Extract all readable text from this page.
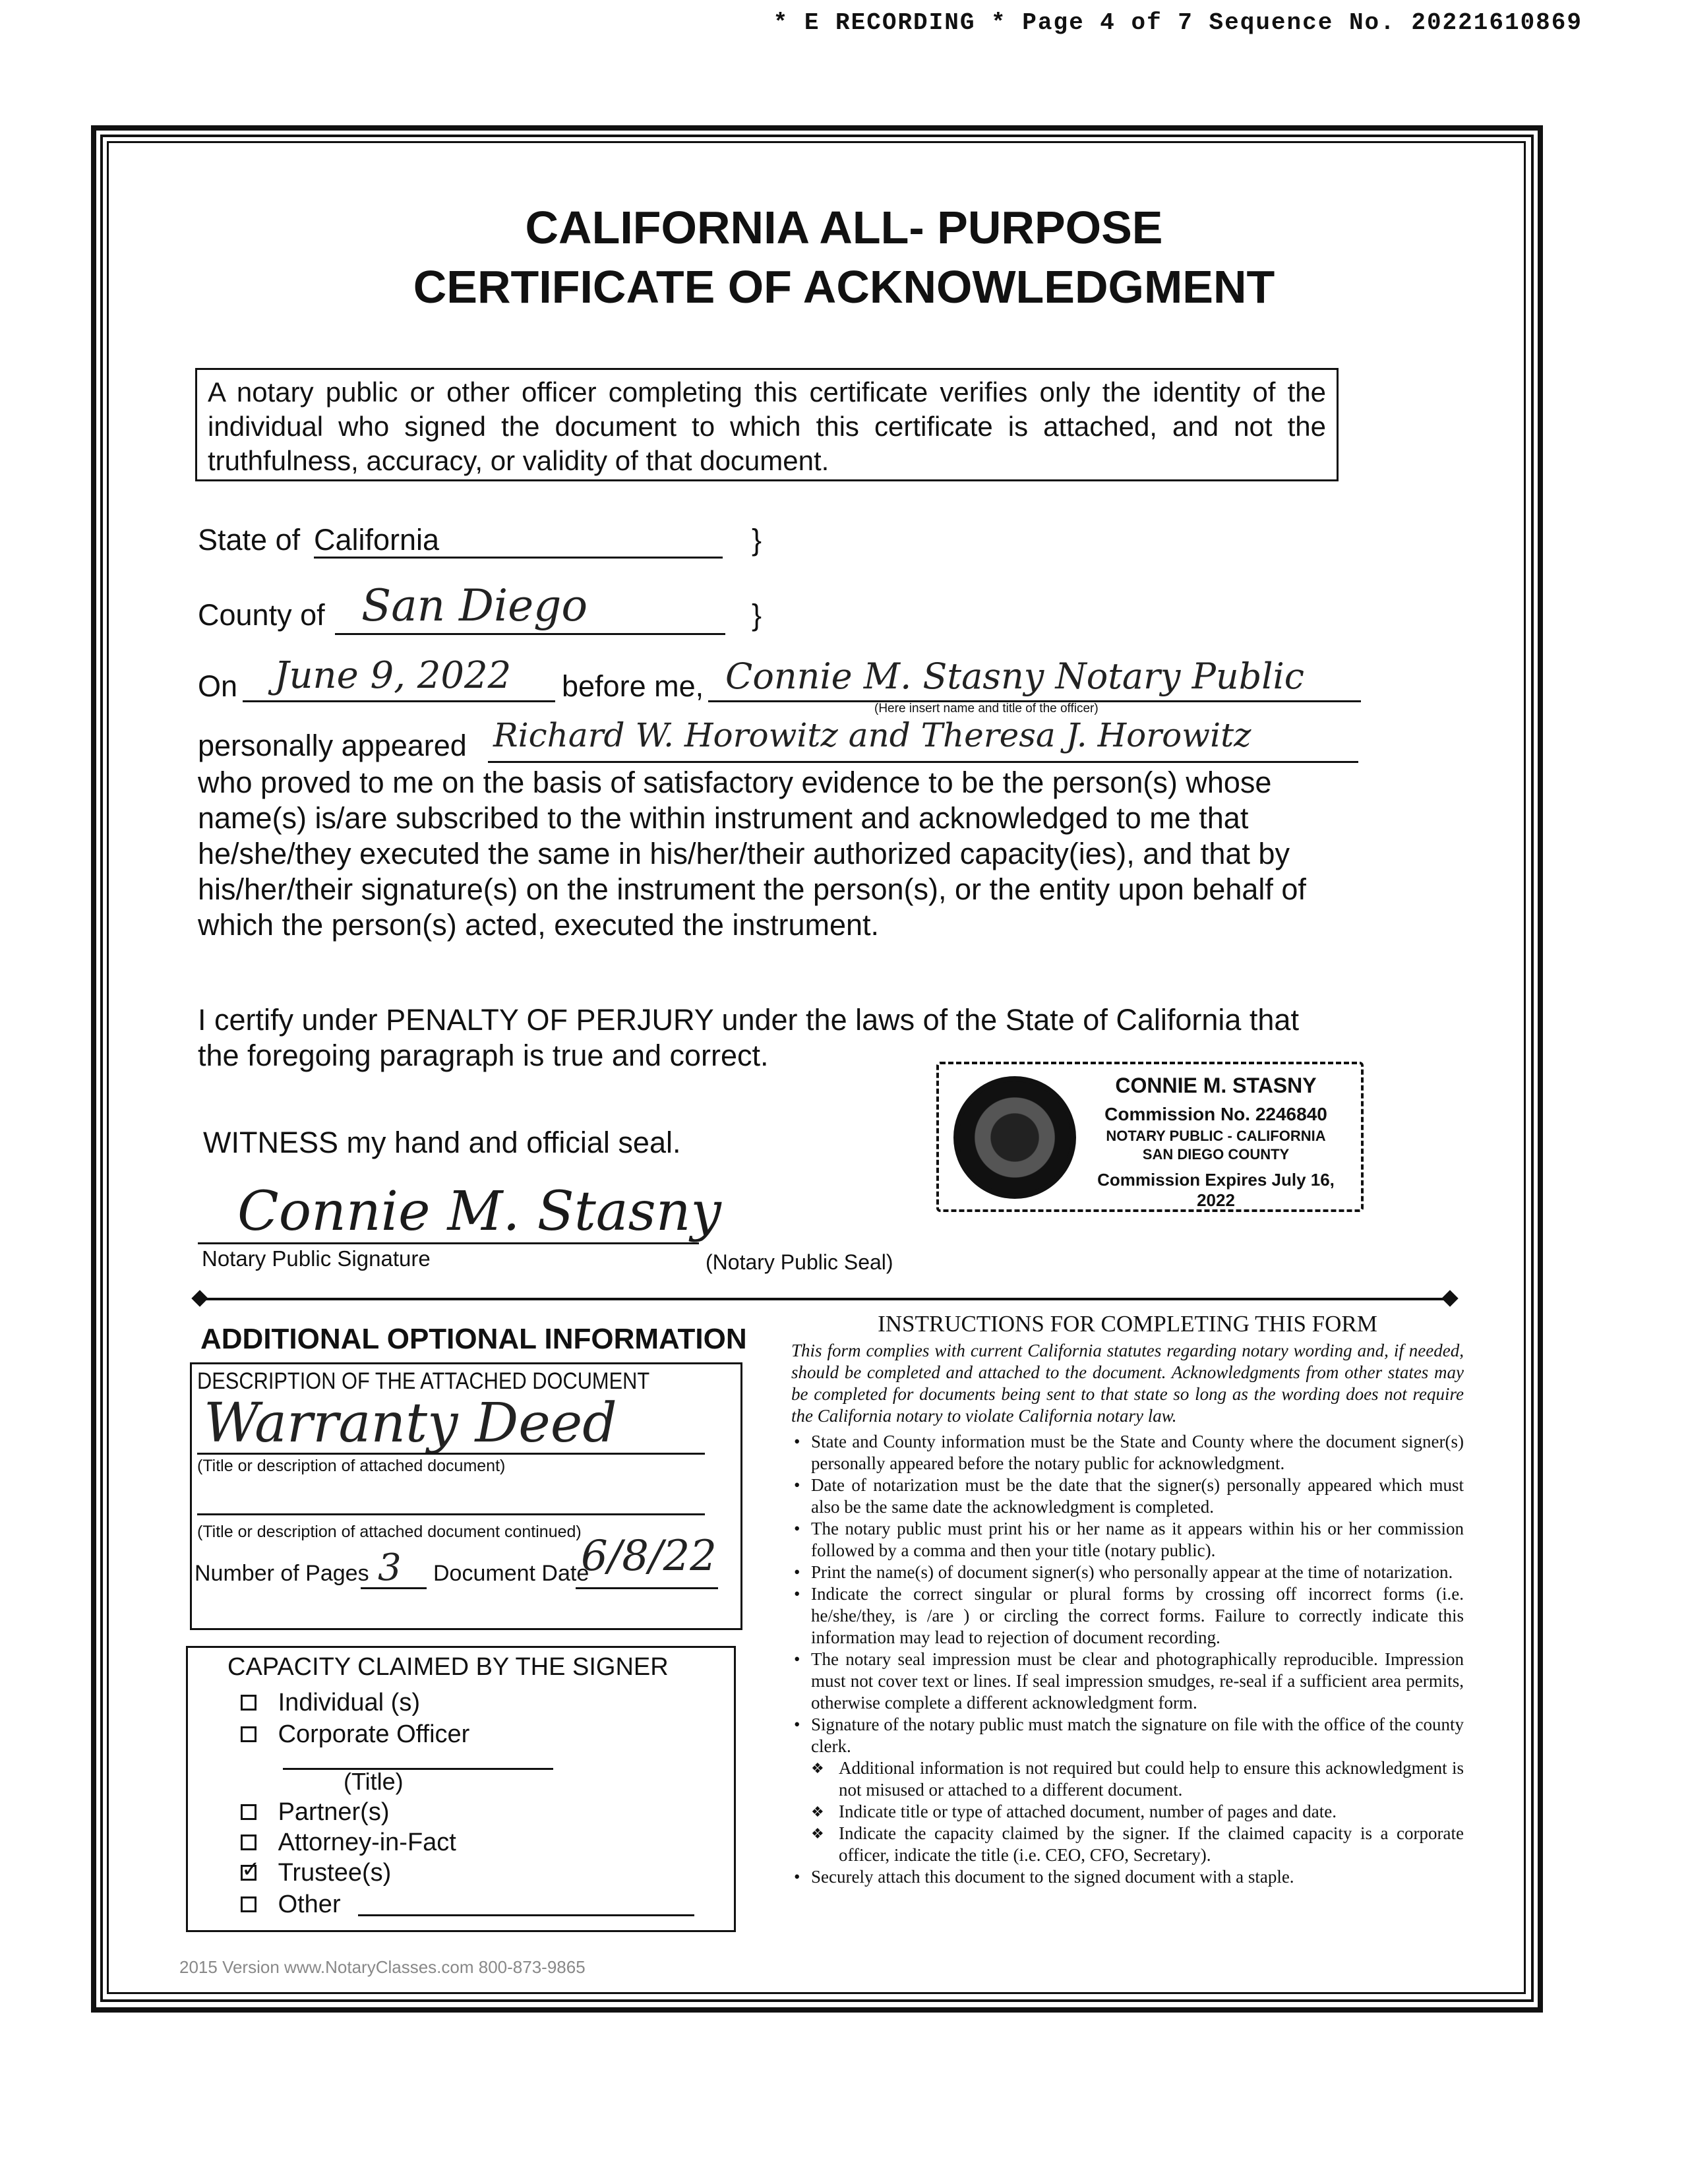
* E RECORDING * Page 4 of 7 Sequence No. 20221610869
CALIFORNIA ALL- PURPOSE
CERTIFICATE OF ACKNOWLEDGMENT
A notary public or other officer completing this certificate verifies only the identity of the individual who signed the document to which this certificate is attached, and not the truthfulness, accuracy, or validity of that document.
State of California	}
County of San Diego	}
On June 9, 2022 before me, Connie M. Stasny Notary Public
(Here insert name and title of the officer)
personally appeared Richard W. Horowitz and Theresa J. Horowitz
who proved to me on the basis of satisfactory evidence to be the person(s) whose
name(s) is/are subscribed to the within instrument and acknowledged to me that
he/she/they executed the same in his/her/their authorized capacity(ies), and that by
his/her/their signature(s) on the instrument the person(s), or the entity upon behalf of
which the person(s) acted, executed the instrument.
I certify under PENALTY OF PERJURY under the laws of the State of California that
the foregoing paragraph is true and correct.
WITNESS my hand and official seal.
CONNIE M. STASNY
Commission No. 2246840
NOTARY PUBLIC - CALIFORNIA
SAN DIEGO COUNTY
Commission Expires July 16, 2022
Connie M. Stasny
Notary Public Signature	(Notary Public Seal)
ADDITIONAL OPTIONAL INFORMATION
DESCRIPTION OF THE ATTACHED DOCUMENT
Warranty Deed
(Title or description of attached document)
(Title or description of attached document continued)
Number of Pages 3 Document Date
6/8/22
CAPACITY CLAIMED BY THE SIGNER
Individual (s)
Corporate Officer
(Title)
Partner(s)
Attorney-in-Fact
✓ Trustee(s)
Other
INSTRUCTIONS FOR COMPLETING THIS FORM
This form complies with current California statutes regarding notary wording and, if needed, should be completed and attached to the document. Acknowledgments from other states may be completed for documents being sent to that state so long as the wording does not require the California notary to violate California notary law.
• State and County information must be the State and County where the document signer(s) personally appeared before the notary public for acknowledgment.
• Date of notarization must be the date that the signer(s) personally appeared which must also be the same date the acknowledgment is completed.
• The notary public must print his or her name as it appears within his or her commission followed by a comma and then your title (notary public).
• Print the name(s) of document signer(s) who personally appear at the time of notarization.
• Indicate the correct singular or plural forms by crossing off incorrect forms (i.e. he/she/they, is /are ) or circling the correct forms. Failure to correctly indicate this information may lead to rejection of document recording.
• The notary seal impression must be clear and photographically reproducible. Impression must not cover text or lines. If seal impression smudges, re-seal if a sufficient area permits, otherwise complete a different acknowledgment form.
• Signature of the notary public must match the signature on file with the office of the county clerk.
❖ Additional information is not required but could help to ensure this acknowledgment is not misused or attached to a different document.
❖ Indicate title or type of attached document, number of pages and date.
❖ Indicate the capacity claimed by the signer. If the claimed capacity is a corporate officer, indicate the title (i.e. CEO, CFO, Secretary).
• Securely attach this document to the signed document with a staple.
2015 Version www.NotaryClasses.com 800-873-9865
